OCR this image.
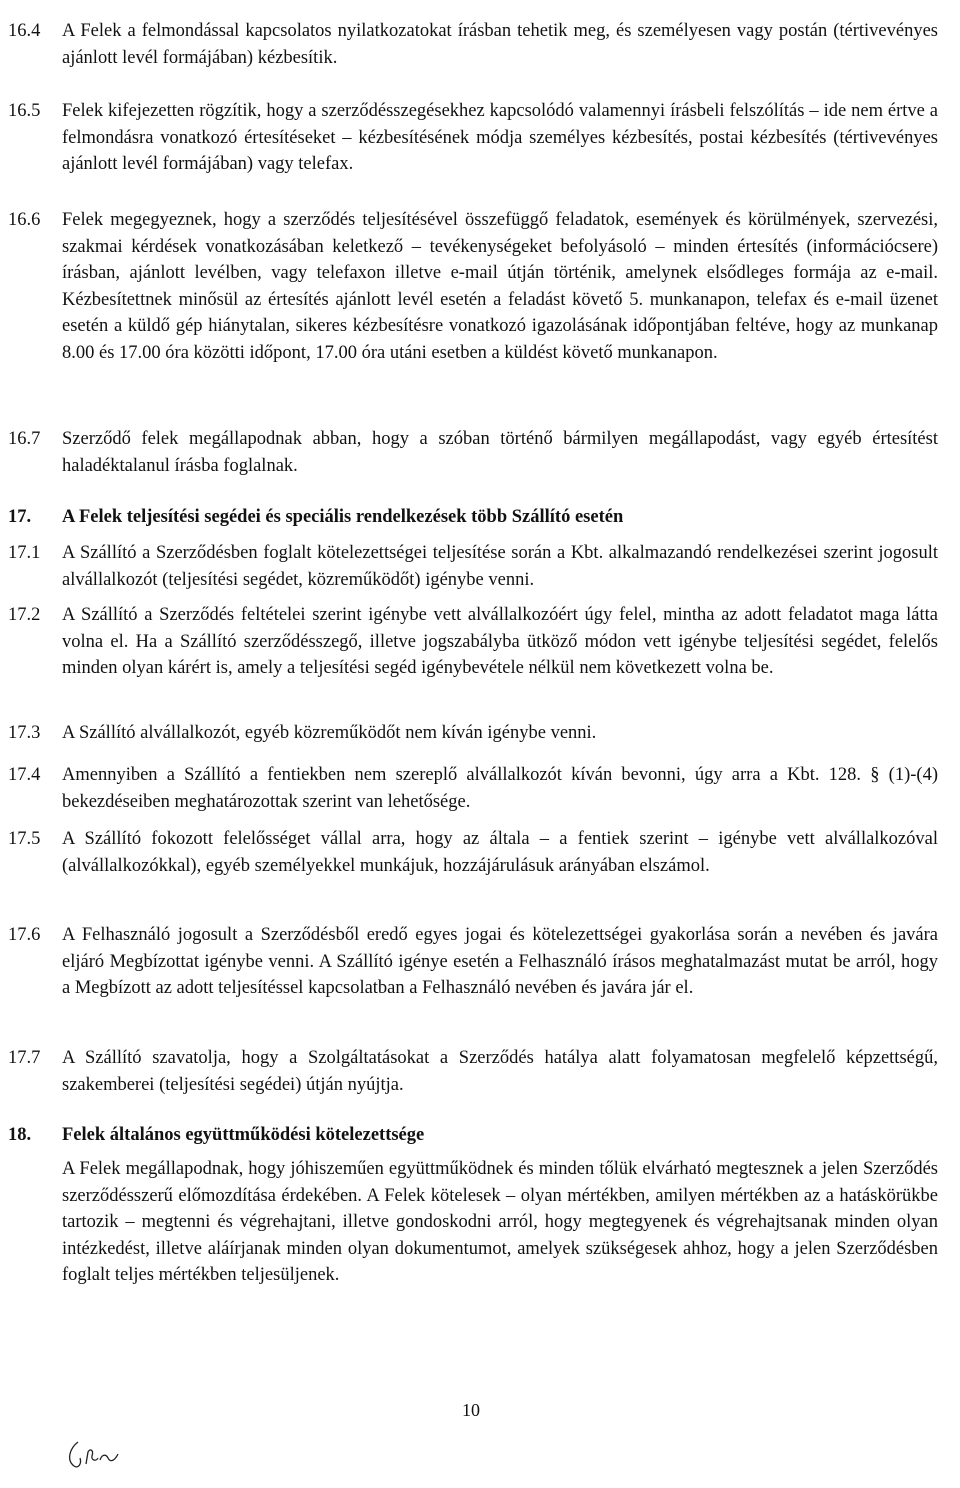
16.4	A Felek a felmondással kapcsolatos nyilatkozatokat írásban tehetik meg, és személyesen vagy postán (tértivevényes ajánlott levél formájában) kézbesítik.
16.5	Felek kifejezetten rögzítik, hogy a szerződésszegésekhez kapcsolódó valamennyi írásbeli felszólítás – ide nem értve a felmondásra vonatkozó értesítéseket – kézbesítésének módja személyes kézbesítés, postai kézbesítés (tértivevényes ajánlott levél formájában) vagy telefax.
16.6	Felek megegyeznek, hogy a szerződés teljesítésével összefüggő feladatok, események és körülmények, szervezési, szakmai kérdések vonatkozásában keletkező – tevékenységeket befolyásoló – minden értesítés (információcsere) írásban, ajánlott levélben, vagy telefaxon illetve e-mail útján történik, amelynek elsődleges formája az e-mail. Kézbesítettnek minősül az értesítés ajánlott levél esetén a feladást követő 5. munkanapon, telefax és e-mail üzenet esetén a küldő gép hiánytalan, sikeres kézbesítésre vonatkozó igazolásának időpontjában feltéve, hogy az munkanap 8.00 és 17.00 óra közötti időpont, 17.00 óra utáni esetben a küldést követő munkanapon.
16.7	Szerződő felek megállapodnak abban, hogy a szóban történő bármilyen megállapodást, vagy egyéb értesítést haladéktalanul írásba foglalnak.
17.	A Felek teljesítési segédei és speciális rendelkezések több Szállító esetén
17.1	A Szállító a Szerződésben foglalt kötelezettségei teljesítése során a Kbt. alkalmazandó rendelkezései szerint jogosult alvállalkozót (teljesítési segédet, közreműködőt) igénybe venni.
17.2	A Szállító a Szerződés feltételei szerint igénybe vett alvállalkozóért úgy felel, mintha az adott feladatot maga látta volna el. Ha a Szállító szerződésszegő, illetve jogszabályba ütköző módon vett igénybe teljesítési segédet, felelős minden olyan kárért is, amely a teljesítési segéd igénybevétele nélkül nem következett volna be.
17.3	A Szállító alvállalkozót, egyéb közreműködőt nem kíván igénybe venni.
17.4	Amennyiben a Szállító a fentiekben nem szereplő alvállalkozót kíván bevonni, úgy arra a Kbt. 128. § (1)-(4) bekezdéseiben meghatározottak szerint van lehetősége.
17.5	A Szállító fokozott felelősséget vállal arra, hogy az általa – a fentiek szerint – igénybe vett alvállalkozóval (alvállalkozókkal), egyéb személyekkel munkájuk, hozzájárulásuk arányában elszámol.
17.6	A Felhasználó jogosult a Szerződésből eredő egyes jogai és kötelezettségei gyakorlása során a nevében és javára eljáró Megbízottat igénybe venni. A Szállító igénye esetén a Felhasználó írásos meghatalmazást mutat be arról, hogy a Megbízott az adott teljesítéssel kapcsolatban a Felhasználó nevében és javára jár el.
17.7	A Szállító szavatolja, hogy a Szolgáltatásokat a Szerződés hatálya alatt folyamatosan megfelelő képzettségű, szakemberei (teljesítési segédei) útján nyújtja.
18.	Felek általános együttműködési kötelezettsége
A Felek megállapodnak, hogy jóhiszeműen együttműködnek és minden tőlük elvárható megtesznek a jelen Szerződés szerződésszerű előmozdítása érdekében. A Felek kötelesek – olyan mértékben, amilyen mértékben az a hatáskörükbe tartozik – megtenni és végrehajtani, illetve gondoskodni arról, hogy megtegyenek és végrehajtsanak minden olyan intézkedést, illetve aláírjanak minden olyan dokumentumot, amelyek szükségesek ahhoz, hogy a jelen Szerződésben foglalt teljes mértékben teljesüljenek.
10
